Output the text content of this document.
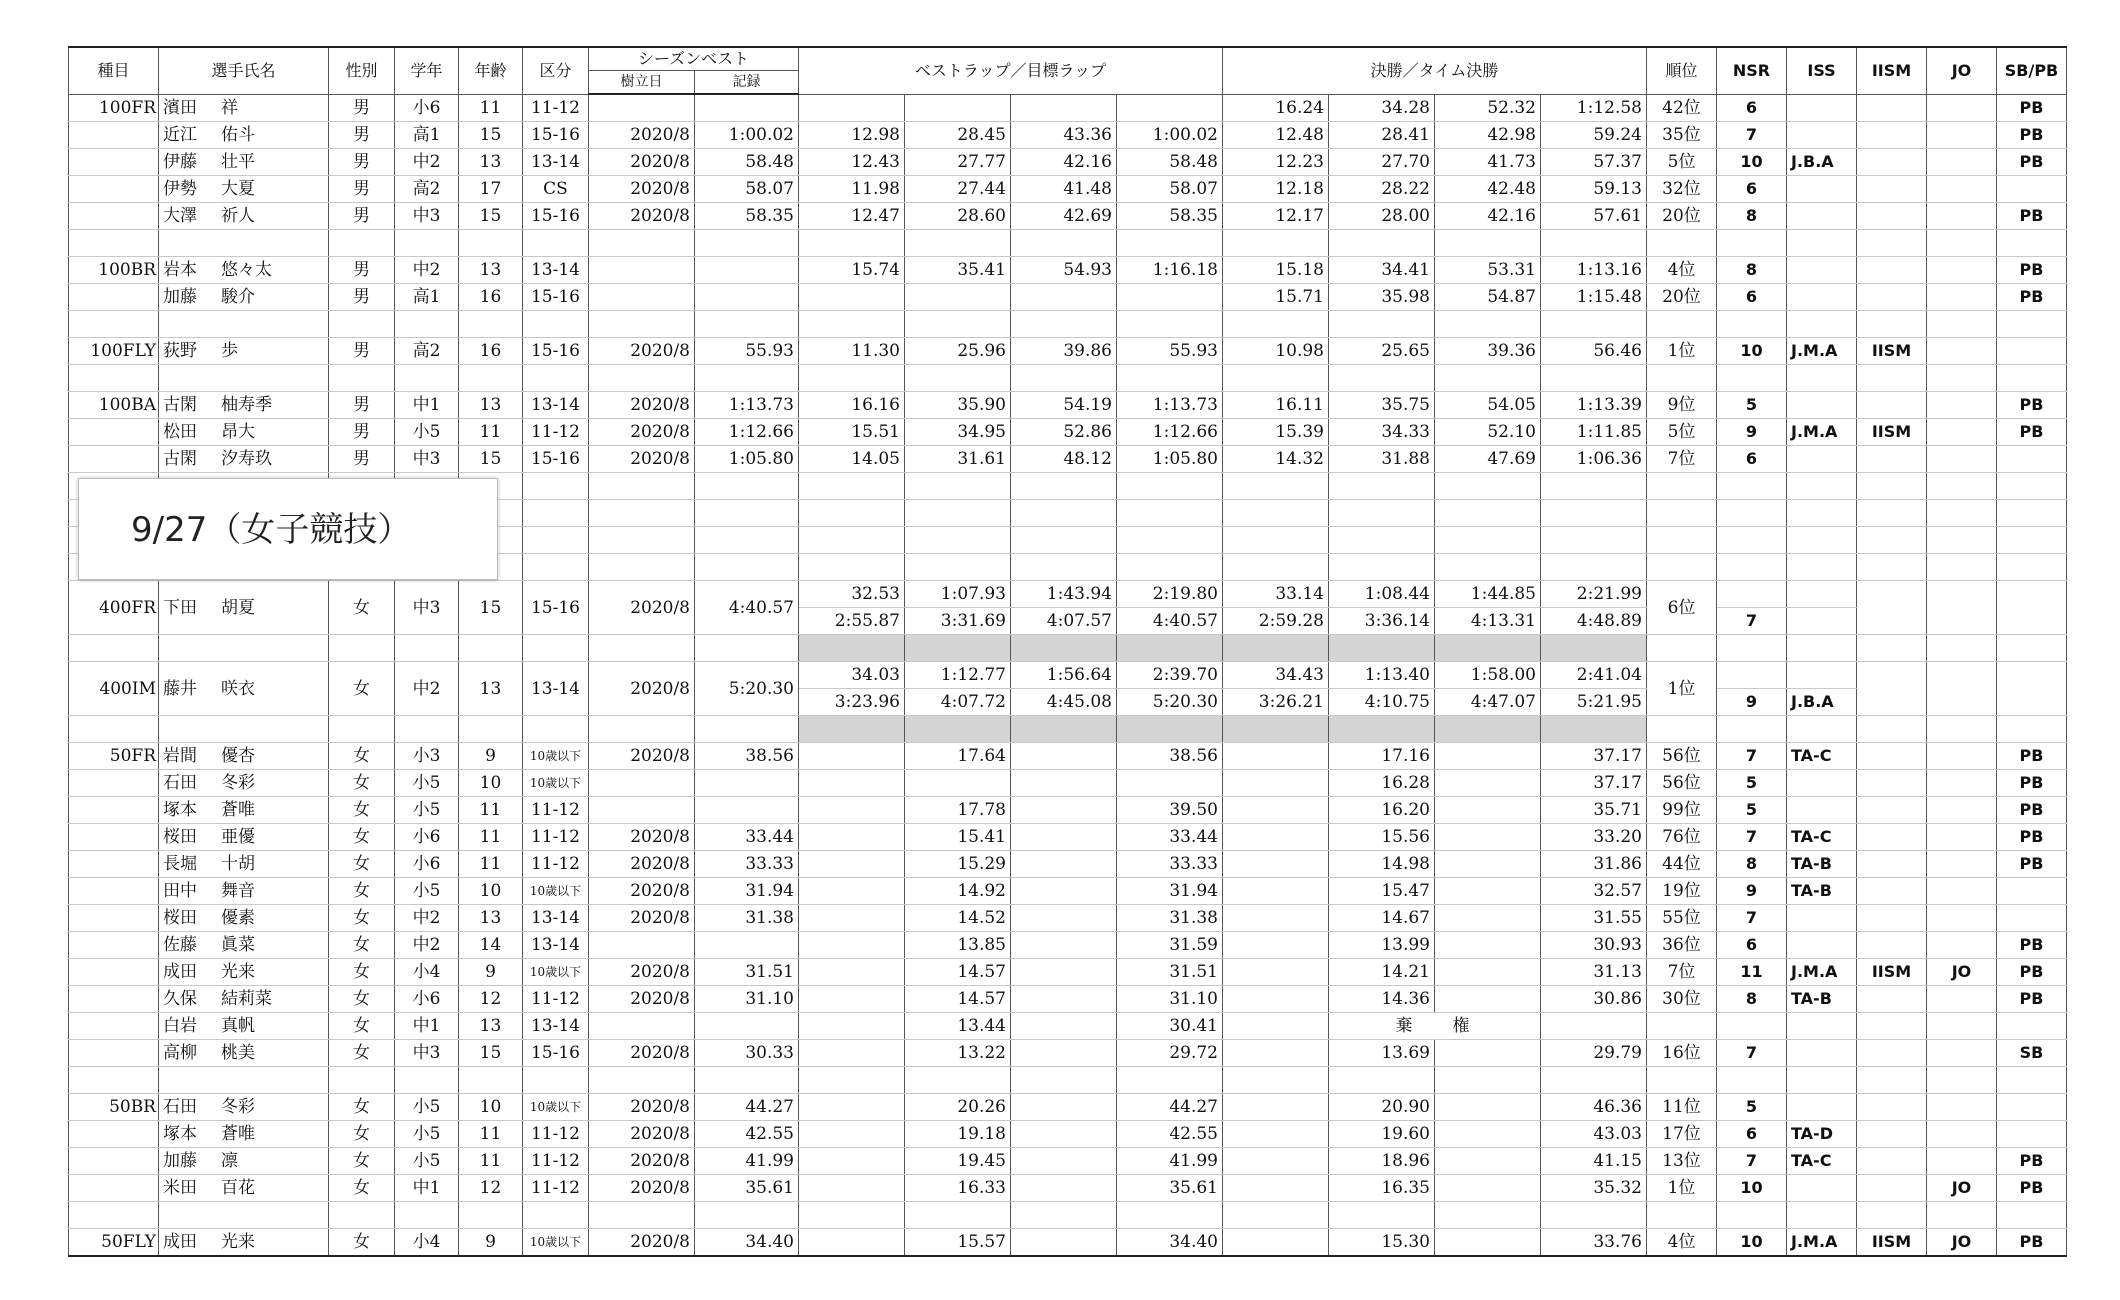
種目	選手氏名	性別	学年	年齢	区分	シーズンベスト		ベストラップ／目標ラップ				決勝／タイム決勝				順位	NSR	ISS	IISM	JO	SB/PB
						樹立日	記録														
100FR	濱田 祥	男	小6	11	11-12							16.24	34.28	52.32	1:12.58	42位	6				PB
	近江 佑斗	男	高1	15	15-16	2020/8	1:00.02	12.98	28.45	43.36	1:00.02	12.48	28.41	42.98	59.24	35位	7				PB
	伊藤 壮平	男	中2	13	13-14	2020/8	58.48	12.43	27.77	42.16	58.48	12.23	27.70	41.73	57.37	5位	10	J.B.A			PB
	伊勢 大夏	男	高2	17	CS	2020/8	58.07	11.98	27.44	41.48	58.07	12.18	28.22	42.48	59.13	32位	6				
	大澤 祈人	男	中3	15	15-16	2020/8	58.35	12.47	28.60	42.69	58.35	12.17	28.00	42.16	57.61	20位	8				PB

100BR	岩本 悠々太	男	中2	13	13-14			15.74	35.41	54.93	1:16.18	15.18	34.41	53.31	1:13.16	4位	8				PB
	加藤 駿介	男	高1	16	15-16							15.71	35.98	54.87	1:15.48	20位	6				PB

100FLY	荻野 歩	男	高2	16	15-16	2020/8	55.93	11.30	25.96	39.86	55.93	10.98	25.65	39.36	56.46	1位	10	J.M.A	IISM		

100BA	古閑 柚寿季	男	中1	13	13-14	2020/8	1:13.73	16.16	35.90	54.19	1:13.73	16.11	35.75	54.05	1:13.39	9位	5				PB
	松田 昂大	男	小5	11	11-12	2020/8	1:12.66	15.51	34.95	52.86	1:12.66	15.39	34.33	52.10	1:11.85	5位	9	J.M.A	IISM		PB
	古閑 汐寿玖	男	中3	15	15-16	2020/8	1:05.80	14.05	31.61	48.12	1:05.80	14.32	31.88	47.69	1:06.36	7位	6				

400FR	下田 胡夏	女	中3	15	15-16	2020/8	4:40.57	32.53	1:07.93	1:43.94	2:19.80	33.14	1:08.44	1:44.85	2:21.99	6位					
								2:55.87	3:31.69	4:07.57	4:40.57	2:59.28	3:36.14	4:13.31	4:48.89		7				

400IM	藤井 咲衣	女	中2	13	13-14	2020/8	5:20.30	34.03	1:12.77	1:56.64	2:39.70	34.43	1:13.40	1:58.00	2:41.04	1位					
								3:23.96	4:07.72	4:45.08	5:20.30	3:26.21	4:10.75	4:47.07	5:21.95		9	J.B.A			

50FR	岩間 優杏	女	小3	9	10歳以下	2020/8	38.56		17.64		38.56		17.16		37.17	56位	7	TA-C			PB
	石田 冬彩	女	小5	10	10歳以下								16.28		37.17	56位	5				PB
	塚本 蒼唯	女	小5	11	11-12				17.78		39.50		16.20		35.71	99位	5				PB
	桜田 亜優	女	小6	11	11-12	2020/8	33.44		15.41		33.44		15.56		33.20	76位	7	TA-C			PB
	長堀 十胡	女	小6	11	11-12	2020/8	33.33		15.29		33.33		14.98		31.86	44位	8	TA-B			PB
	田中 舞音	女	小5	10	10歳以下	2020/8	31.94		14.92		31.94		15.47		32.57	19位	9	TA-B			
	桜田 優素	女	中2	13	13-14	2020/8	31.38		14.52		31.38		14.67		31.55	55位	7				
	佐藤 眞菜	女	中2	14	13-14				13.85		31.59		13.99		30.93	36位	6				PB
	成田 光来	女	小4	9	10歳以下	2020/8	31.51		14.57		31.51		14.21		31.13	7位	11	J.M.A	IISM	JO	PB
	久保 結莉菜	女	小6	12	11-12	2020/8	31.10		14.57		31.10		14.36		30.86	30位	8	TA-B			PB
	白岩 真帆	女	中1	13	13-14				13.44		30.41		棄権								
	高柳 桃美	女	中3	15	15-16	2020/8	30.33		13.22		29.72		13.69		29.79	16位	7				SB

50BR	石田 冬彩	女	小5	10	10歳以下	2020/8	44.27		20.26		44.27		20.90		46.36	11位	5				
	塚本 蒼唯	女	小5	11	11-12	2020/8	42.55		19.18		42.55		19.60		43.03	17位	6	TA-D			
	加藤 凛	女	小5	11	11-12	2020/8	41.99		19.45		41.99		18.96		41.15	13位	7	TA-C			PB
	米田 百花	女	中1	12	11-12	2020/8	35.61		16.33		35.61		16.35		35.32	1位	10			JO	PB

50FLY	成田 光来	女	小4	9	10歳以下	2020/8	34.40		15.57		34.40		15.30		33.76	4位	10	J.M.A	IISM	JO	PB
9/27（女子競技）
